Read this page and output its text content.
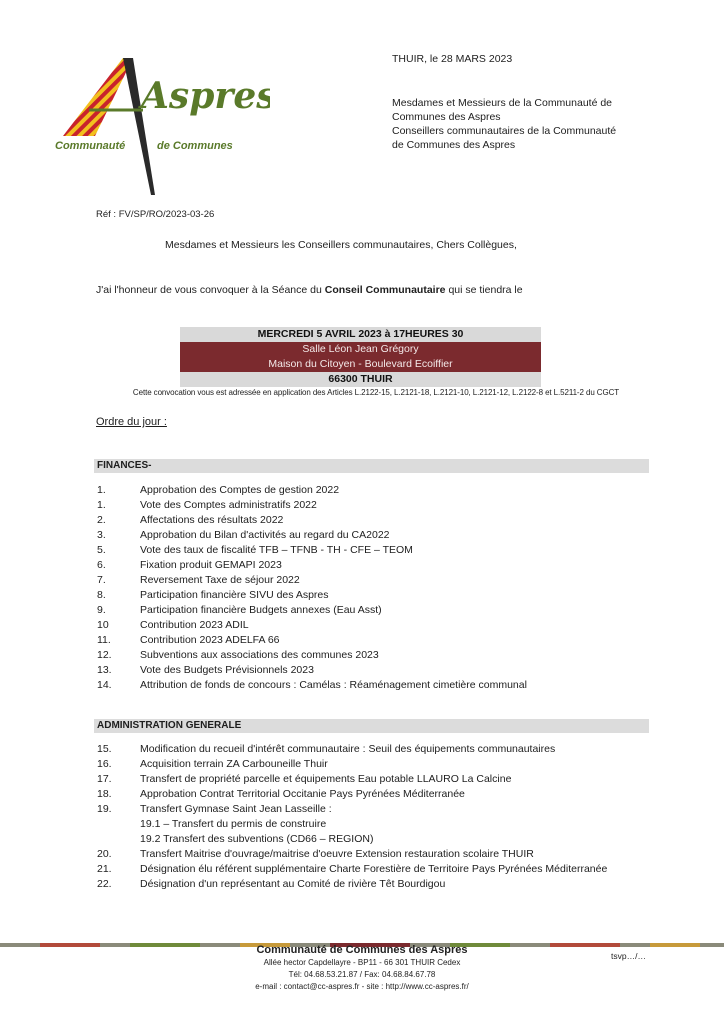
Aspres
Communauté	de Communes
THUIR, le 28 MARS 2023
Mesdames et Messieurs de la Communauté de
Communes des Aspres
Conseillers communautaires de la Communauté
de Communes des Aspres
Réf : FV/SP/RO/2023-03-26
Mesdames et Messieurs les Conseillers communautaires, Chers Collègues,
J'ai l'honneur de vous convoquer à la Séance du Conseil Communautaire qui se tiendra le
MERCREDI 5 AVRIL 2023 à 17HEURES 30
Salle Léon Jean Grégory
Maison du Citoyen - Boulevard Ecoiffier
66300 THUIR
Cette convocation vous est adressée en application des Articles L.2122-15, L.2121-18, L.2121-10, L.2121-12, L.2122-8 et L.5211-2 du CGCT
Ordre du jour :
FINANCES-
1.	Approbation des Comptes de gestion 2022
1.	Vote des Comptes administratifs 2022
2.	Affectations des résultats 2022
3.	Approbation du Bilan d'activités au regard du CA2022
5.	Vote des taux de fiscalité TFB – TFNB - TH - CFE – TEOM
6.	Fixation produit GEMAPI 2023
7.	Reversement Taxe de séjour 2022
8.	Participation financière SIVU des Aspres
9.	Participation financière Budgets annexes (Eau Asst)
10	Contribution 2023 ADIL
11.	Contribution 2023 ADELFA 66
12.	Subventions aux associations des communes 2023
13.	Vote des Budgets Prévisionnels 2023
14.	Attribution de fonds de concours : Camélas : Réaménagement cimetière communal
ADMINISTRATION GENERALE
15.	Modification du recueil d'intérêt communautaire : Seuil des équipements communautaires
16.	Acquisition terrain ZA Carbouneille Thuir
17.	Transfert de propriété parcelle et équipements Eau potable LLAURO La Calcine
18.	Approbation Contrat Territorial Occitanie Pays Pyrénées Méditerranée
19.	Transfert Gymnase Saint Jean Lasseille :
19.1 – Transfert du permis de construire
19.2 Transfert des subventions (CD66 – REGION)
20.	Transfert Maitrise d'ouvrage/maitrise d'oeuvre Extension restauration scolaire THUIR
21.	Désignation élu référent supplémentaire Charte Forestière de Territoire Pays Pyrénées Méditerranée
22.	Désignation d'un représentant au Comité de rivière Têt Bourdigou
Communauté de Communes des Aspres
Allée hector Capdellayre - BP11 - 66 301 THUIR Cedex
Tél: 04.68.53.21.87 / Fax: 04.68.84.67.78
e-mail : contact@cc-aspres.fr - site : http://www.cc-aspres.fr/
tsvp…/…
